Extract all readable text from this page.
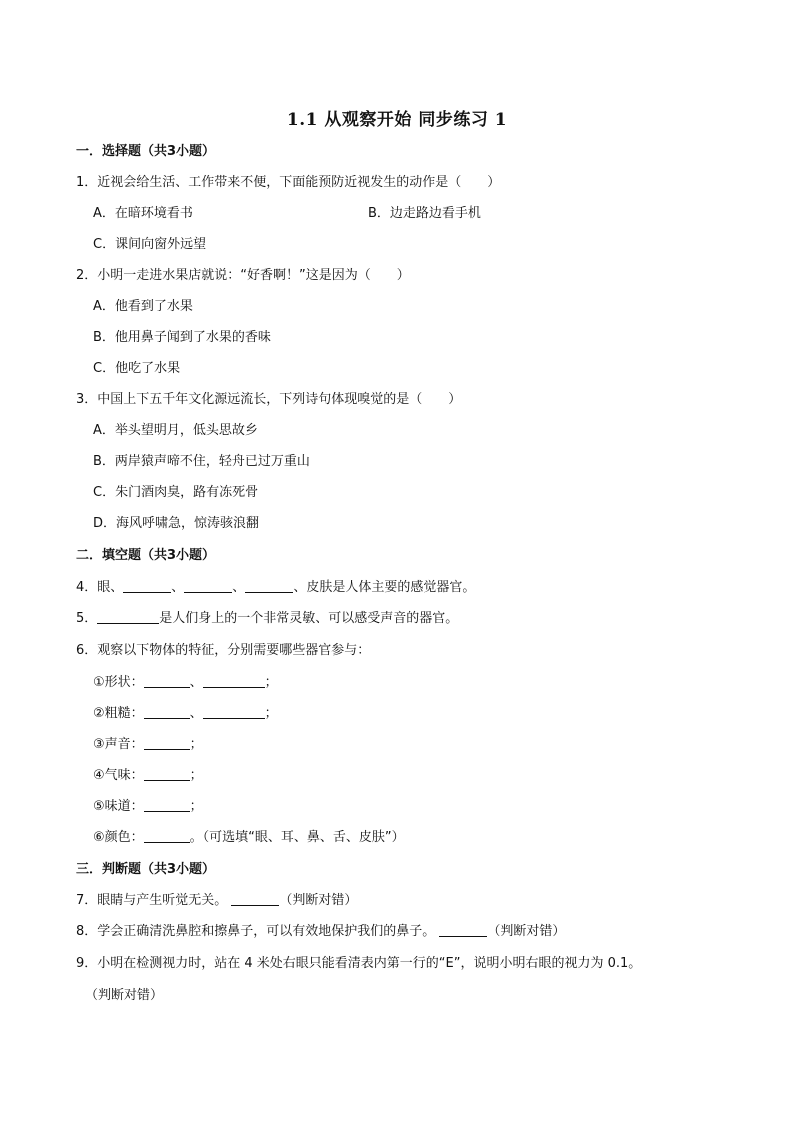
1.1 从观察开始 同步练习 1
一．选择题（共3小题）
1．近视会给生活、工作带来不便，下面能预防近视发生的动作是（　　）
A．在暗环境看书	B．边走路边看手机
C．课间向窗外远望
2．小明一走进水果店就说：“好香啊！”这是因为（　　）
A．他看到了水果
B．他用鼻子闻到了水果的香味
C．他吃了水果
3．中国上下五千年文化源远流长，下列诗句体现嗅觉的是（　　）
A．举头望明月，低头思故乡
B．两岸猿声啼不住，轻舟已过万重山
C．朱门酒肉臭，路有冻死骨
D．海风呼啸急，惊涛骇浪翻
二．填空题（共3小题）
4．眼、	、	、	、皮肤是人体主要的感觉器官。
5．	是人们身上的一个非常灵敏、可以感受声音的器官。
6．观察以下物体的特征，分别需要哪些器官参与：
①形状：	、	；
②粗糙：	、	；
③声音：	；
④气味：	；
⑤味道：	；
⑥颜色：	。（可选填“眼、耳、鼻、舌、皮肤”）
三．判断题（共3小题）
7．眼睛与产生听觉无关。	（判断对错）
8．学会正确清洗鼻腔和擦鼻子，可以有效地保护我们的鼻子。	（判断对错）
9．小明在检测视力时，站在 4 米处右眼只能看清表内第一行的“E”，说明小明右眼的视力为 0.1。
（判断对错）
